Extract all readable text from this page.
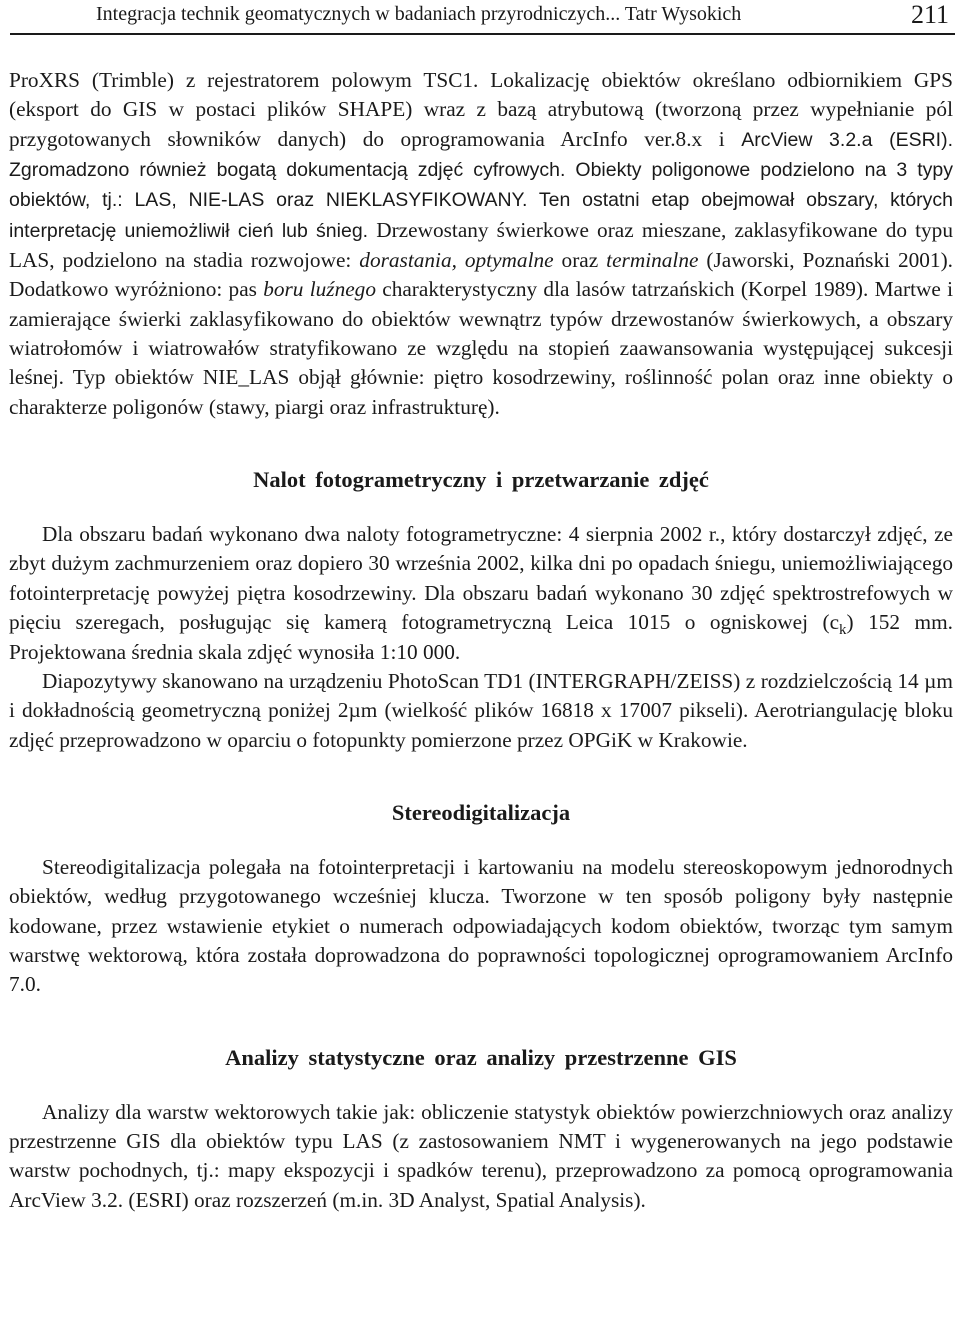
Integracja technik geomatycznych w badaniach przyrodniczych... Tatr Wysokich	211

ProXRS (Trimble) z rejestratorem polowym TSC1. Lokalizację obiektów określano odbiornikiem GPS (eksport do GIS w postaci plików SHAPE) wraz z bazą atrybutową (tworzoną przez wypełnianie pól przygotowanych słowników danych) do oprogramowania ArcInfo ver.8.x i ArcView 3.2.a (ESRI). Zgromadzono również bogatą dokumentacją zdjęć cyfrowych. Obiekty poligonowe podzielono na 3 typy obiektów, tj.: LAS, NIE-LAS oraz NIEKLASYFIKOWANY. Ten ostatni etap obejmował obszary, których interpretację uniemożliwił cień lub śnieg. Drzewostany świerkowe oraz mieszane, zaklasyfikowane do typu LAS, podzielono na stadia rozwojowe: dorastania, optymalne oraz terminalne (Jaworski, Poznański 2001). Dodatkowo wyróżniono: pas boru luźnego charakterystyczny dla lasów tatrzańskich (Korpel 1989). Martwe i zamierające świerki zaklasyfikowano do obiektów wewnątrz typów drzewostanów świerkowych, a obszary wiatrołomów i wiatrowałów stratyfikowano ze względu na stopień zaawansowania występującej sukcesji leśnej. Typ obiektów NIE_LAS objął głównie: piętro kosodrzewiny, roślinność polan oraz inne obiekty o charakterze poligonów (stawy, piargi oraz infrastrukturę).

Nalot fotogrametryczny i przetwarzanie zdjęć

Dla obszaru badań wykonano dwa naloty fotogrametryczne: 4 sierpnia 2002 r., który dostarczył zdjęć, ze zbyt dużym zachmurzeniem oraz dopiero 30 września 2002, kilka dni po opadach śniegu, uniemożliwiającego fotointerpretację powyżej piętra kosodrzewiny. Dla obszaru badań wykonano 30 zdjęć spektrostrefowych w pięciu szeregach, posługując się kamerą fotogrametryczną Leica 1015 o ogniskowej $(c_k)$ 152 mm. Projektowana średnia skala zdjęć wynosiła 1:10 000.

Diapozytywy skanowano na urządzeniu PhotoScan TD1 (INTERGRAPH/ZEISS) z rozdzielczością 14 µm i dokładnością geometryczną poniżej 2µm (wielkość plików 16818 x 17007 pikseli). Aerotriangulację bloku zdjęć przeprowadzono w oparciu o fotopunkty pomierzone przez OPGiK w Krakowie.

Stereodigitalizacja

Stereodigitalizacja polegała na fotointerpretacji i kartowaniu na modelu stereoskopowym jednorodnych obiektów, według przygotowanego wcześniej klucza. Tworzone w ten sposób poligony były następnie kodowane, przez wstawienie etykiet o numerach odpowiadających kodom obiektów, tworząc tym samym warstwę wektorową, która została doprowadzona do poprawności topologicznej oprogramowaniem ArcInfo 7.0.

Analizy statystyczne oraz analizy przestrzenne GIS

Analizy dla warstw wektorowych takie jak: obliczenie statystyk obiektów powierzchniowych oraz analizy przestrzenne GIS dla obiektów typu LAS (z zastosowaniem NMT i wygenerowanych na jego podstawie warstw pochodnych, tj.: mapy ekspozycji i spadków terenu), przeprowadzono za pomocą oprogramowania ArcView 3.2. (ESRI) oraz rozszerzeń (m.in. 3D Analyst, Spatial Analysis).
